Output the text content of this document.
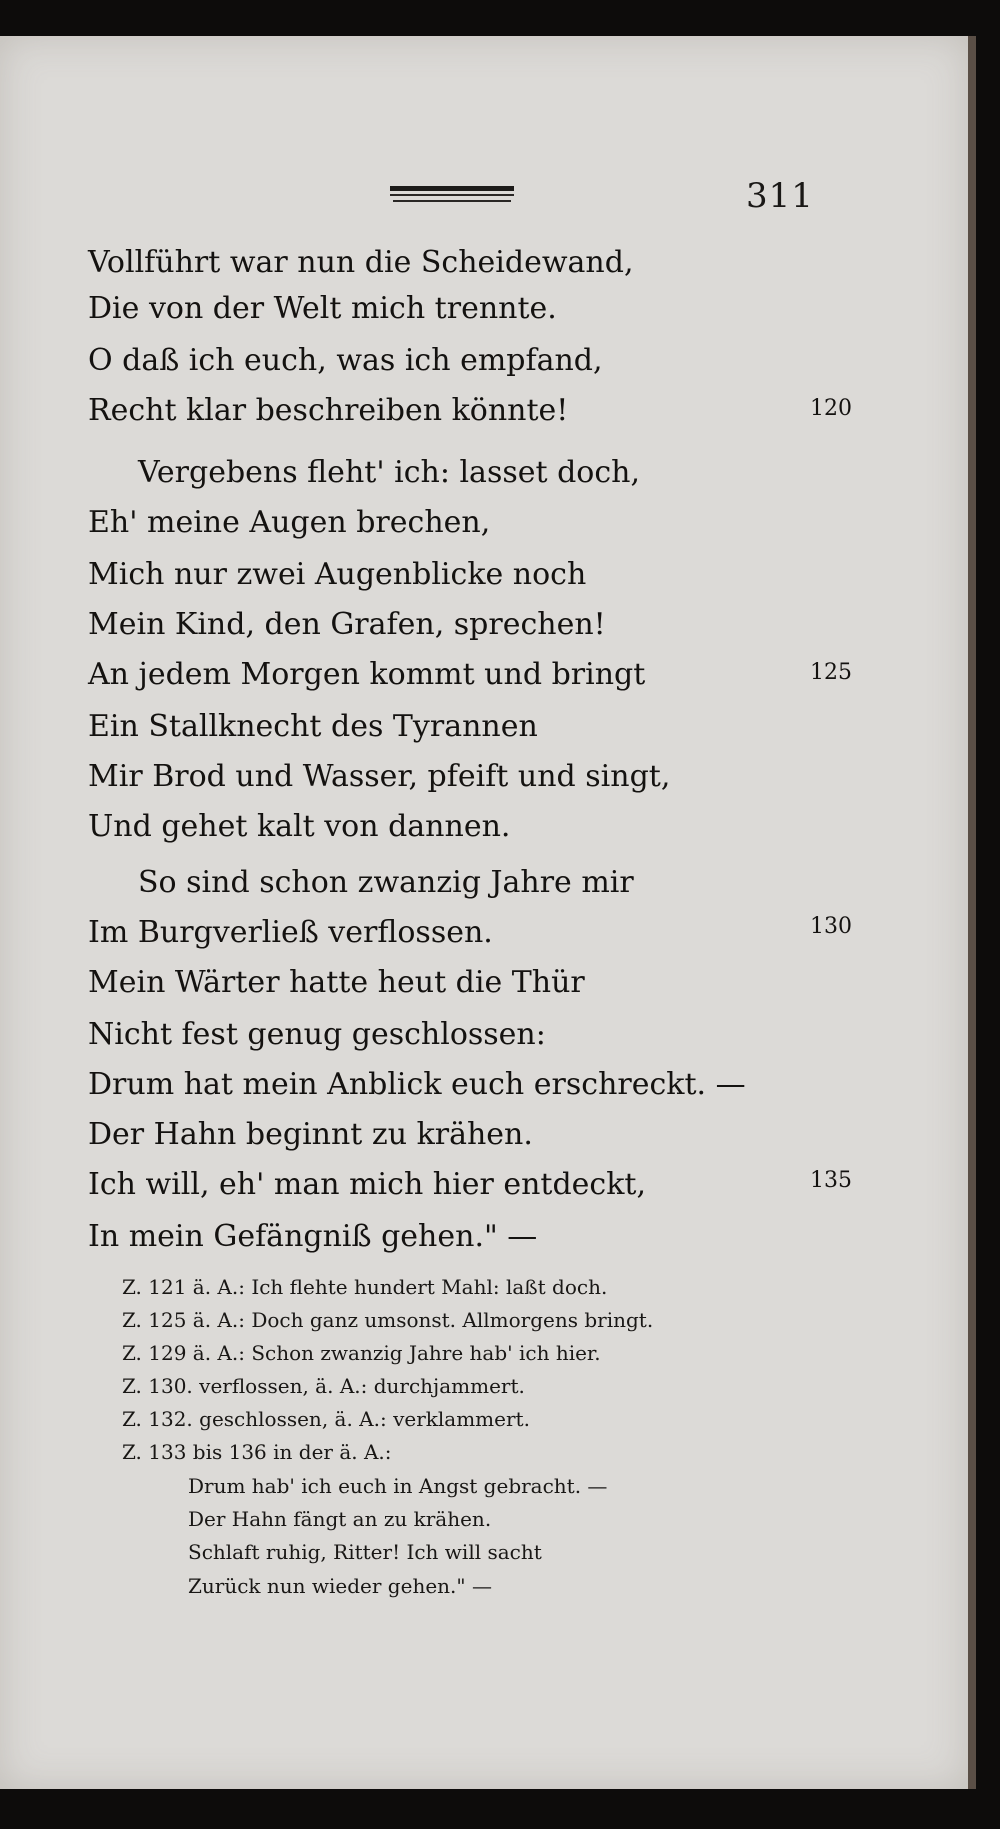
311
Vollführt war nun die Scheidewand,
Die von der Welt mich trennte.
O daß ich euch, was ich empfand,
Recht klar beschreiben könnte!	120
Vergebens fleht' ich: lasset doch,
Eh' meine Augen brechen,
Mich nur zwei Augenblicke noch
Mein Kind, den Grafen, sprechen!
An jedem Morgen kommt und bringt	125
Ein Stallknecht des Tyrannen
Mir Brod und Wasser, pfeift und singt,
Und gehet kalt von dannen.
So sind schon zwanzig Jahre mir
Im Burgverließ verflossen.	130
Mein Wärter hatte heut die Thür
Nicht fest genug geschlossen:
Drum hat mein Anblick euch erschreckt. —
Der Hahn beginnt zu krähen.
Ich will, eh' man mich hier entdeckt,	135
In mein Gefängniß gehen." —
Z. 121 ä. A.: Ich flehte hundert Mahl: laßt doch.
Z. 125 ä. A.: Doch ganz umsonst. Allmorgens bringt.
Z. 129 ä. A.: Schon zwanzig Jahre hab' ich hier.
Z. 130. verflossen, ä. A.: durchjammert.
Z. 132. geschlossen, ä. A.: verklammert.
Z. 133 bis 136 in der ä. A.:
Drum hab' ich euch in Angst gebracht. —
Der Hahn fängt an zu krähen.
Schlaft ruhig, Ritter! Ich will sacht
Zurück nun wieder gehen." —
